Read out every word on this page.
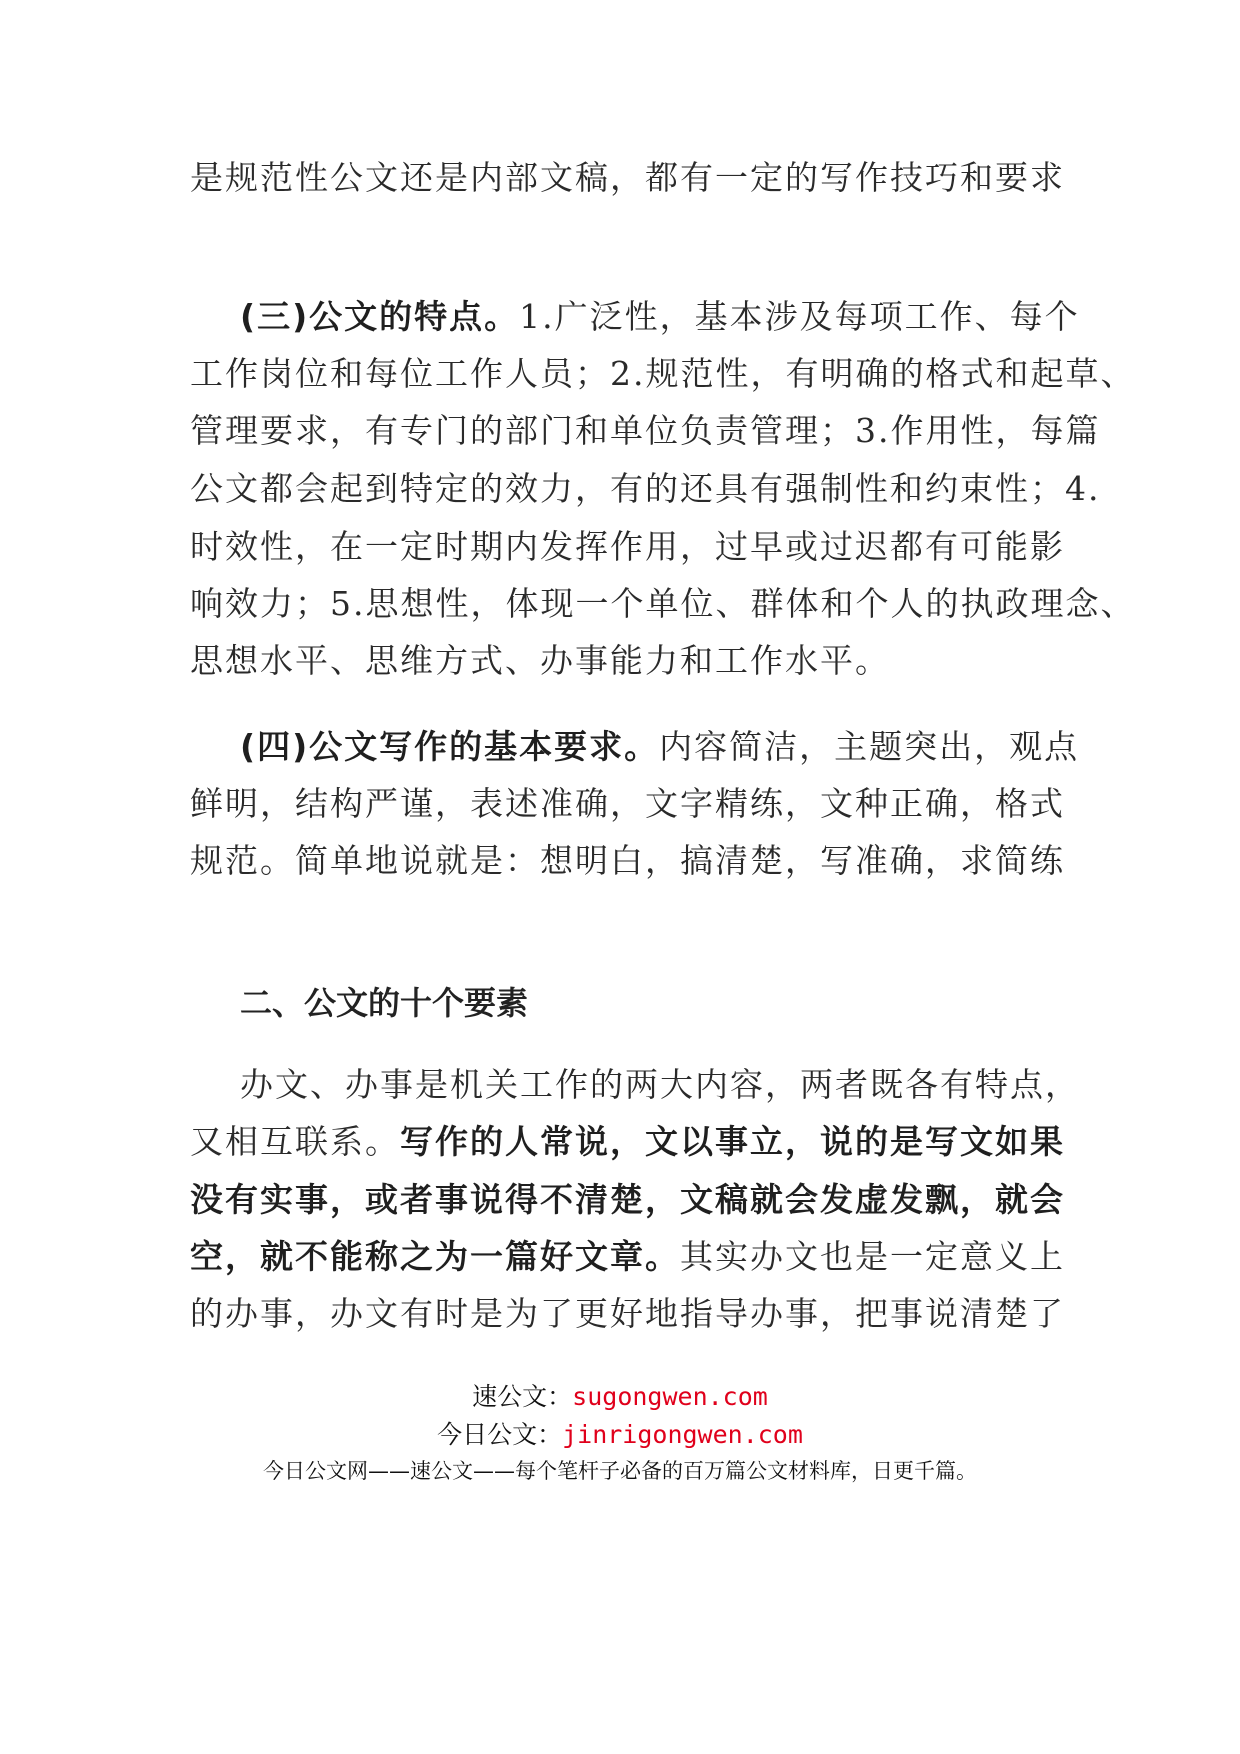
是规范性公文还是内部文稿，都有一定的写作技巧和要求
(三)公文的特点。1.广泛性，基本涉及每项工作、每个
工作岗位和每位工作人员；2.规范性，有明确的格式和起草、
管理要求，有专门的部门和单位负责管理；3.作用性，每篇
公文都会起到特定的效力，有的还具有强制性和约束性；4.
时效性，在一定时期内发挥作用，过早或过迟都有可能影
响效力；5.思想性，体现一个单位、群体和个人的执政理念、
思想水平、思维方式、办事能力和工作水平。
(四)公文写作的基本要求。内容简洁，主题突出，观点
鲜明，结构严谨，表述准确，文字精练，文种正确，格式
规范。简单地说就是：想明白，搞清楚，写准确，求简练
二、公文的十个要素
办文、办事是机关工作的两大内容，两者既各有特点，
又相互联系。写作的人常说，文以事立，说的是写文如果
没有实事，或者事说得不清楚，文稿就会发虚发飘，就会
空，就不能称之为一篇好文章。其实办文也是一定意义上
的办事，办文有时是为了更好地指导办事，把事说清楚了
速公文：sugongwen.com
今日公文：jinrigongwen.com
今日公文网——速公文——每个笔杆子必备的百万篇公文材料库，日更千篇。
